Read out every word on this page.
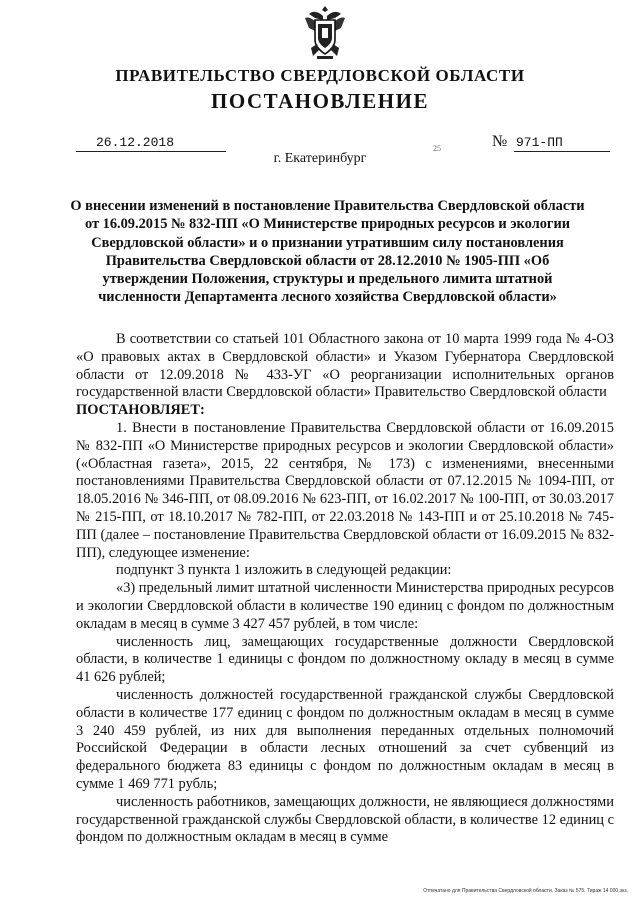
ПРАВИТЕЛЬСТВО СВЕРДЛОВСКОЙ ОБЛАСТИ
ПОСТАНОВЛЕНИЕ
26.12.2018	25	№ 971-ПП
г. Екатеринбург
О внесении изменений в постановление Правительства Свердловской области от 16.09.2015 № 832-ПП «О Министерстве природных ресурсов и экологии Свердловской области» и о признании утратившим силу постановления Правительства Свердловской области от 28.12.2010 № 1905-ПП «Об утверждении Положения, структуры и предельного лимита штатной численности Департамента лесного хозяйства Свердловской области»

В соответствии со статьей 101 Областного закона от 10 марта 1999 года № 4-ОЗ «О правовых актах в Свердловской области» и Указом Губернатора Свердловской области от 12.09.2018 № 433-УГ «О реорганизации исполнительных органов государственной власти Свердловской области» Правительство Свердловской области

ПОСТАНОВЛЯЕТ:

1. Внести в постановление Правительства Свердловской области от 16.09.2015 № 832-ПП «О Министерстве природных ресурсов и экологии Свердловской области» («Областная газета», 2015, 22 сентября, № 173) с изменениями, внесенными постановлениями Правительства Свердловской области от 07.12.2015 № 1094-ПП, от 18.05.2016 № 346-ПП, от 08.09.2016 № 623-ПП, от 16.02.2017 № 100-ПП, от 30.03.2017 № 215-ПП, от 18.10.2017 № 782-ПП, от 22.03.2018 № 143-ПП и от 25.10.2018 № 745-ПП (далее – постановление Правительства Свердловской области от 16.09.2015 № 832-ПП), следующее изменение:

подпункт 3 пункта 1 изложить в следующей редакции:

«3) предельный лимит штатной численности Министерства природных ресурсов и экологии Свердловской области в количестве 190 единиц с фондом по должностным окладам в месяц в сумме 3 427 457 рублей, в том числе:

численность лиц, замещающих государственные должности Свердловской области, в количестве 1 единицы с фондом по должностному окладу в месяц в сумме 41 626 рублей;

численность должностей государственной гражданской службы Свердловской области в количестве 177 единиц с фондом по должностным окладам в месяц в сумме 3 240 459 рублей, из них для выполнения переданных отдельных полномочий Российской Федерации в области лесных отношений за счет субвенций из федерального бюджета 83 единицы с фондом по должностным окладам в месяц в сумме 1 469 771 рубль;

численность работников, замещающих должности, не являющиеся должностями государственной гражданской службы Свердловской области, в количестве 12 единиц с фондом по должностным окладам в месяц в сумме

Отпечатано для Правительства Свердловской области. Заказ № 575. Тираж 14 000 экз.
